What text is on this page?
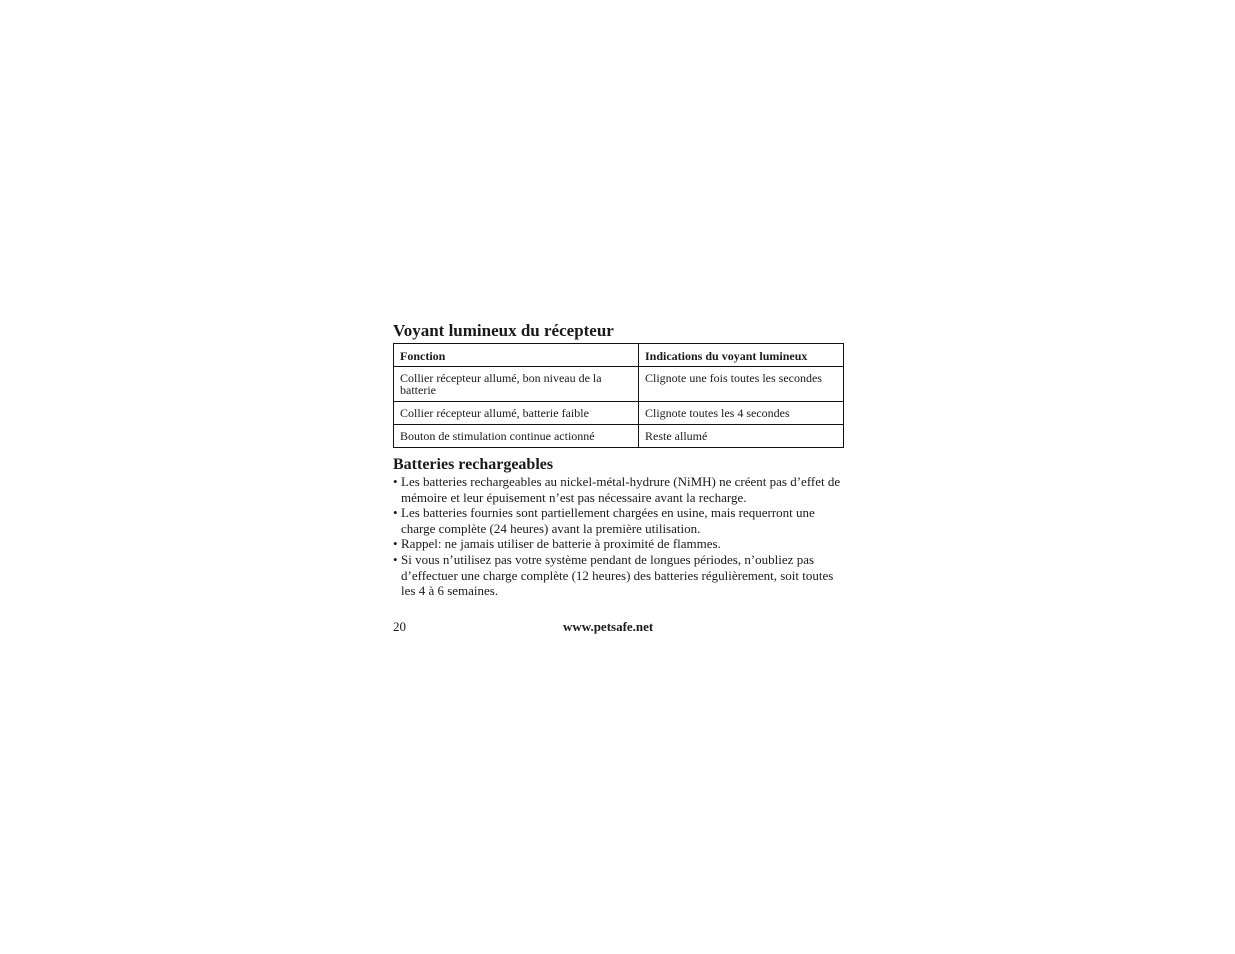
Voyant lumineux du récepteur
Fonction	Indications du voyant lumineux
Collier récepteur allumé, bon niveau de la batterie	Clignote une fois toutes les secondes
Collier récepteur allumé, batterie faible	Clignote toutes les 4 secondes
Bouton de stimulation continue actionné	Reste allumé
Batteries rechargeables
• Les batteries rechargeables au nickel-métal-hydrure (NiMH) ne créent pas d’effet de mémoire et leur épuisement n’est pas nécessaire avant la recharge.
• Les batteries fournies sont partiellement chargées en usine, mais requerront une charge complète (24 heures) avant la première utilisation.
• Rappel: ne jamais utiliser de batterie à proximité de flammes.
• Si vous n’utilisez pas votre système pendant de longues périodes, n’oubliez pas d’effectuer une charge complète (12 heures) des batteries régulièrement, soit toutes les 4 à 6 semaines.
20	www.petsafe.net
